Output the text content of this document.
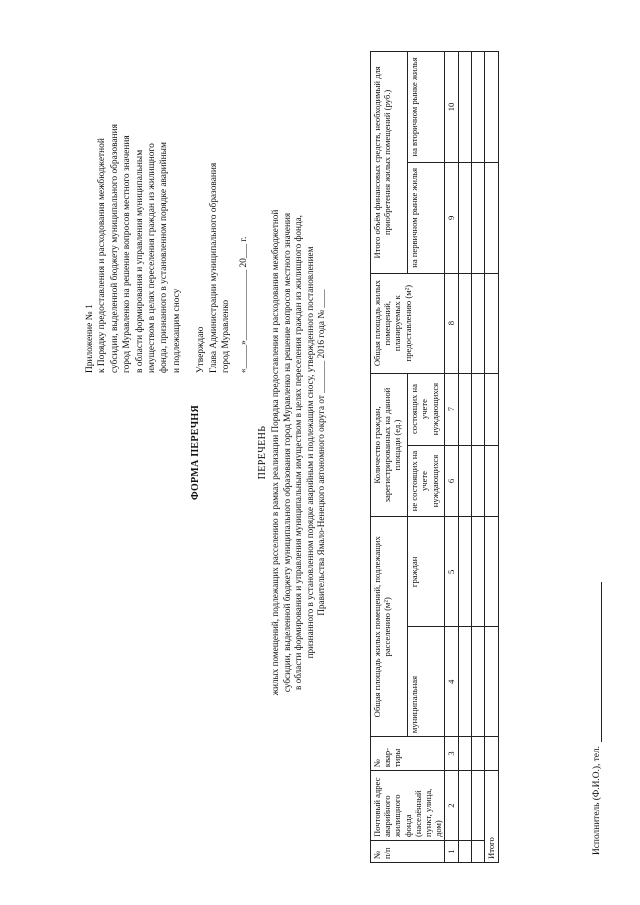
Приложение № 1 к Порядку предоставления и расходования межбюджетной субсидии, выделенной бюджету муниципального образования город Муравленко на решение вопросов местного значения в области формирования и управления муниципальным имуществом в целях переселения граждан из жилищного фонда, признанного в установленном порядке аварийным и подлежащим сносу Утверждаю Глава Администрации муниципального образования город Муравленко «_____»_______________ 20___ г.
ФОРМА ПЕРЕЧНЯ	ПЕРЕЧЕНЬ жилых помещений, подлежащих расселению в рамках реализации Порядка предоставления и расходования межбюджетной субсидии, выделенной бюджету муниципального образования город Муравленко на решение вопросов местного значения в области формирования и управления муниципальным имуществом в целях переселения граждан из жилищного фонда, признанного в установленном порядке аварийным и подлежащим сносу, утвержденного постановлением Правительства Ямало-Ненецкого автономного округа от _______ 2016 года № ____
№ п/п	Почтовый адрес аварийного жилищного фонда (населённый пункт, улица, дом)	№ квар-тиры	Общая площадь жилых помещений, подлежащих расселению (м²)		Количество граждан, зарегистрированных на данной площади (ед.)		Общая площадь жилых помещений, планируемых к предоставлению (м²)	Итого объём финансовых средств, необходимый для приобретения жилых помещений (руб.)	
			муниципальная	граждан	не состоящих на учете нуждающихся	состоящих на учете нуждающихся		на первичном рынке жилья	на вторичном рынке жилья
1	2	3	4	5	6	7	8	9	10

Итого										Исполнитель (Ф.И.О.), тел.
